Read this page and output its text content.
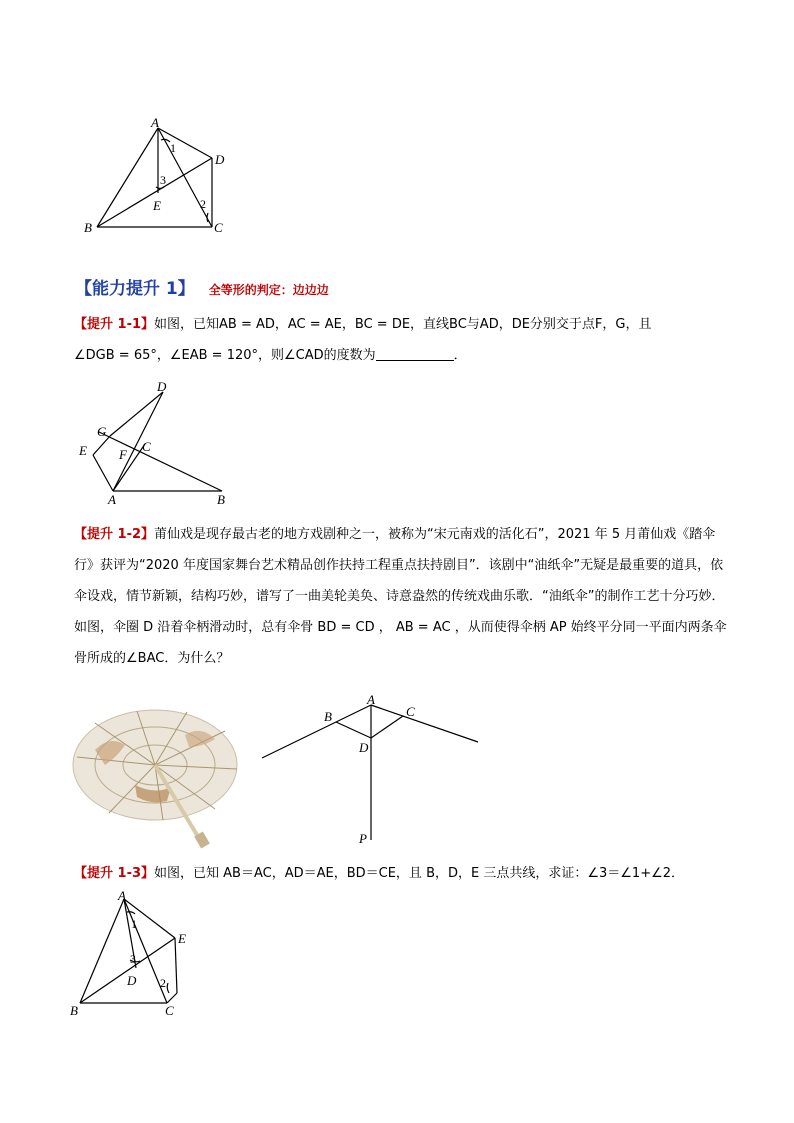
A
B	C
D
E
1
2
3
【能力提升 1】 全等形的判定：边边边
【提升 1-1】如图，已知AB = AD，AC = AE，BC = DE，直线BC与AD，DE分别交于点F，G，且
∠DGB = 65°，∠EAB = 120°，则∠CAD的度数为	．
D
G
C
E F
A	B
【提升 1-2】莆仙戏是现存最古老的地方戏剧种之一，被称为“宋元南戏的活化石”，2021 年 5 月莆仙戏《踏伞行》获评为“2020 年度国家舞台艺术精品创作扶持工程重点扶持剧目”．该剧中“油纸伞”无疑是最重要的道具，依伞设戏，情节新颖，结构巧妙，谱写了一曲美轮美奂、诗意盎然的传统戏曲乐歌．“油纸伞”的制作工艺十分巧妙．如图，伞圈 D 沿着伞柄滑动时，总有伞骨 BD = CD ， AB = AC ，从而使得伞柄 AP 始终平分同一平面内两条伞骨所成的∠BAC．为什么？
A
B	C
D
P
【提升 1-3】如图，已知 AB＝AC，AD＝AE，BD＝CE，且 B，D，E 三点共线，求证：∠3＝∠1+∠2．
A
B	C
D
E
1
2
3
